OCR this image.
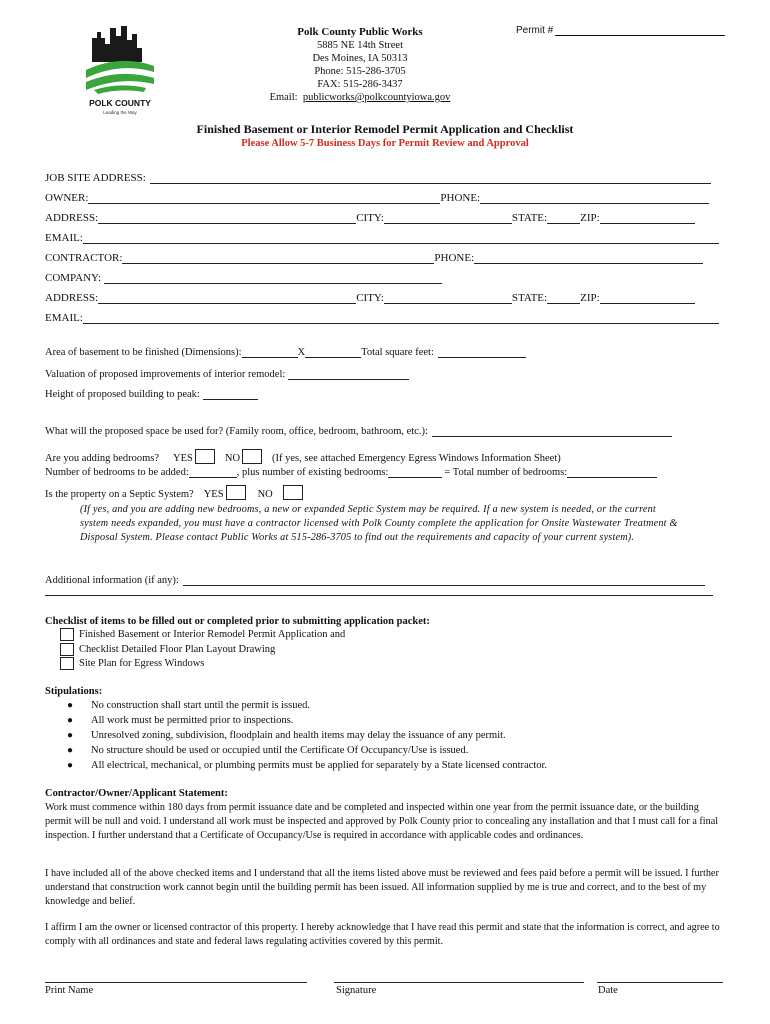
POLK COUNTY
Leading the Way
Polk County Public Works
5885 NE 14th Street
Des Moines, IA 50313
Phone: 515-286-3705
FAX: 515-286-3437
Email: publicworks@polkcountyiowa.gov
Permit #
Finished Basement or Interior Remodel Permit Application and Checklist
Please Allow 5-7 Business Days for Permit Review and Approval
JOB SITE ADDRESS:
OWNER:	PHONE:
ADDRESS:	CITY:	STATE:	ZIP:
EMAIL:
CONTRACTOR:	PHONE:
COMPANY:
ADDRESS:	CITY:	STATE:	ZIP:
EMAIL:
Area of basement to be finished (Dimensions):	X	Total square feet:
Valuation of proposed improvements of interior remodel:
Height of proposed building to peak:
What will the proposed space be used for? (Family room, office, bedroom, bathroom, etc.):
Are you adding bedrooms? YES	NO	(If yes, see attached Emergency Egress Windows Information Sheet)
Number of bedrooms to be added:	, plus number of existing bedrooms:	= Total number of bedrooms:
Is the property on a Septic System? YES	NO
(If yes, and you are adding new bedrooms, a new or expanded Septic System may be required. If a new system is needed, or the current system needs expanded, you must have a contractor licensed with Polk County complete the application for Onsite Wastewater Treatment & Disposal System. Please contact Public Works at 515-286-3705 to find out the requirements and capacity of your current system).
Additional information (if any):
Checklist of items to be filled out or completed prior to submitting application packet:
Finished Basement or Interior Remodel Permit Application and
Checklist Detailed Floor Plan Layout Drawing
Site Plan for Egress Windows
Stipulations:
●	No construction shall start until the permit is issued.
●	All work must be permitted prior to inspections.
●	Unresolved zoning, subdivision, floodplain and health items may delay the issuance of any permit.
●	No structure should be used or occupied until the Certificate Of Occupancy/Use is issued.
●	All electrical, mechanical, or plumbing permits must be applied for separately by a State licensed contractor.
Contractor/Owner/Applicant Statement:
Work must commence within 180 days from permit issuance date and be completed and inspected within one year from the permit issuance date, or the building permit will be null and void. I understand all work must be inspected and approved by Polk County prior to concealing any installation and that I must call for a final inspection. I further understand that a Certificate of Occupancy/Use is required in accordance with applicable codes and ordinances.
I have included all of the above checked items and I understand that all the items listed above must be reviewed and fees paid before a permit will be issued. I further understand that construction work cannot begin until the building permit has been issued. All information supplied by me is true and correct, and to the best of my knowledge and belief.
I affirm I am the owner or licensed contractor of this property. I hereby acknowledge that I have read this permit and state that the information is correct, and agree to comply with all ordinances and state and federal laws regulating activities covered by this permit.
Print Name	Signature	Date
